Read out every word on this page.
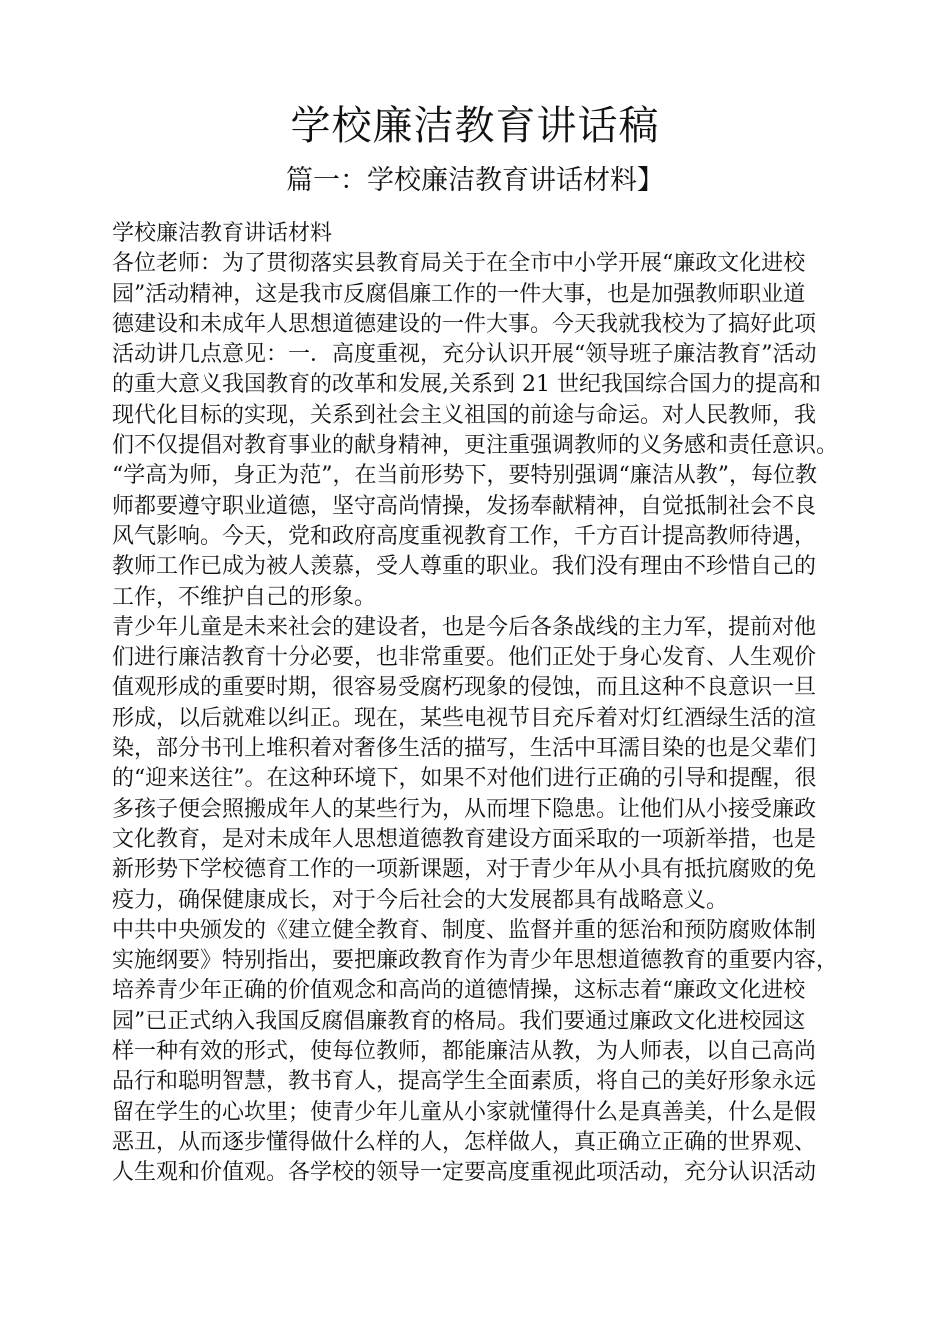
学校廉洁教育讲话稿
篇一：学校廉洁教育讲话材料】
学校廉洁教育讲话材料
各位老师：为了贯彻落实县教育局关于在全市中小学开展“廉政文化进校
园”活动精神，这是我市反腐倡廉工作的一件大事，也是加强教师职业道
德建设和未成年人思想道德建设的一件大事。今天我就我校为了搞好此项
活动讲几点意见：一．高度重视，充分认识开展“领导班子廉洁教育”活动
的重大意义我国教育的改革和发展,关系到 21 世纪我国综合国力的提高和
现代化目标的实现，关系到社会主义祖国的前途与命运。对人民教师，我
们不仅提倡对教育事业的献身精神，更注重强调教师的义务感和责任意识。
“学高为师，身正为范”，在当前形势下，要特别强调“廉洁从教”，每位教
师都要遵守职业道德，坚守高尚情操，发扬奉献精神，自觉抵制社会不良
风气影响。今天，党和政府高度重视教育工作，千方百计提高教师待遇，
教师工作已成为被人羡慕，受人尊重的职业。我们没有理由不珍惜自己的
工作，不维护自己的形象。
青少年儿童是未来社会的建设者，也是今后各条战线的主力军，提前对他
们进行廉洁教育十分必要，也非常重要。他们正处于身心发育、人生观价
值观形成的重要时期，很容易受腐朽现象的侵蚀，而且这种不良意识一旦
形成，以后就难以纠正。现在，某些电视节目充斥着对灯红酒绿生活的渲
染，部分书刊上堆积着对奢侈生活的描写，生活中耳濡目染的也是父辈们
的“迎来送往”。在这种环境下，如果不对他们进行正确的引导和提醒，很
多孩子便会照搬成年人的某些行为，从而埋下隐患。让他们从小接受廉政
文化教育，是对未成年人思想道德教育建设方面采取的一项新举措，也是
新形势下学校德育工作的一项新课题，对于青少年从小具有抵抗腐败的免
疫力，确保健康成长，对于今后社会的大发展都具有战略意义。
中共中央颁发的《建立健全教育、制度、监督并重的惩治和预防腐败体制
实施纲要》特别指出，要把廉政教育作为青少年思想道德教育的重要内容，
培养青少年正确的价值观念和高尚的道德情操，这标志着“廉政文化进校
园”已正式纳入我国反腐倡廉教育的格局。我们要通过廉政文化进校园这
样一种有效的形式，使每位教师，都能廉洁从教，为人师表，以自己高尚
品行和聪明智慧，教书育人，提高学生全面素质，将自己的美好形象永远
留在学生的心坎里；使青少年儿童从小家就懂得什么是真善美，什么是假
恶丑，从而逐步懂得做什么样的人，怎样做人，真正确立正确的世界观、
人生观和价值观。各学校的领导一定要高度重视此项活动，充分认识活动
